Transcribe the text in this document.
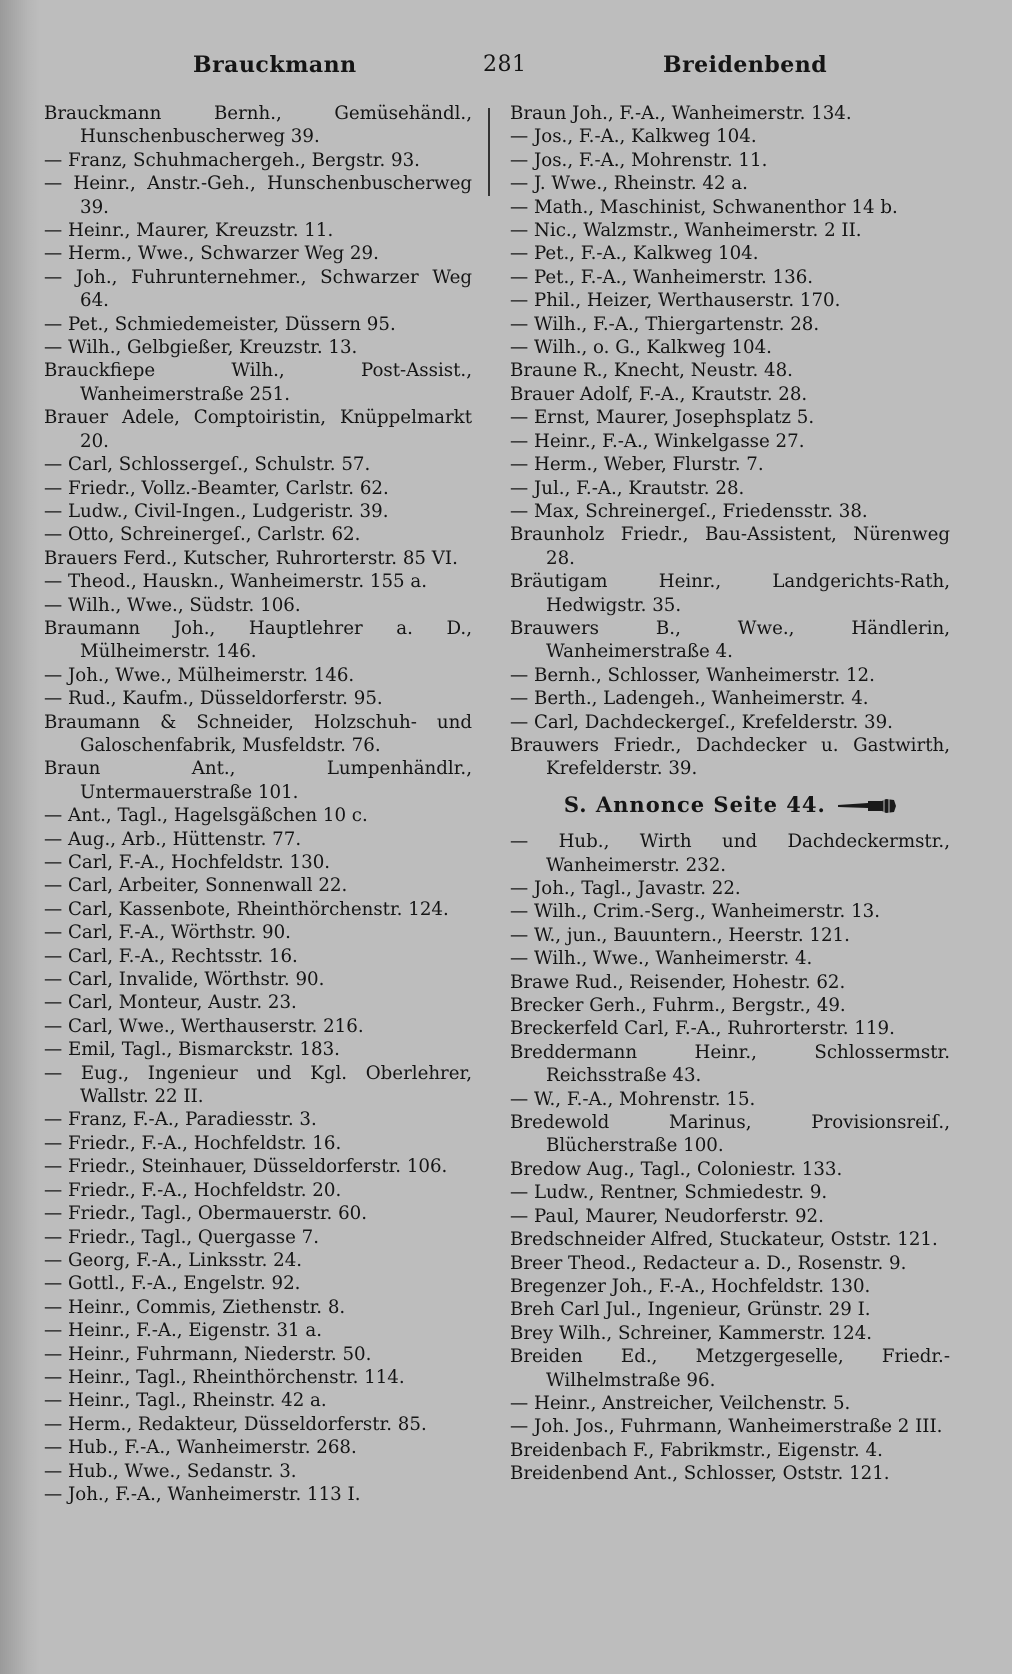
Brauckmann	281	Breidenbend

Brauckmann Bernh., Gemüsehändl., Hunschenbuscherweg 39.

— Franz, Schuhmachergeh., Bergstr. 93.

— Heinr., Anstr.-Geh., Hunschenbuscherweg 39.

— Heinr., Maurer, Kreuzstr. 11.

— Herm., Wwe., Schwarzer Weg 29.

— Joh., Fuhrunternehmer., Schwarzer Weg 64.

— Pet., Schmiedemeister, Düssern 95.

— Wilh., Gelbgießer, Kreuzstr. 13.

Brauckfiepe Wilh., Post-Assist., Wanheimerstraße 251.

Brauer Adele, Comptoiristin, Knüppelmarkt 20.

— Carl, Schlossergeſ., Schulstr. 57.

— Friedr., Vollz.-Beamter, Carlstr. 62.

— Ludw., Civil-Ingen., Ludgeristr. 39.

— Otto, Schreinergeſ., Carlstr. 62.

Brauers Ferd., Kutscher, Ruhrorterstr. 85 VI.

— Theod., Hauskn., Wanheimerstr. 155 a.

— Wilh., Wwe., Südstr. 106.

Braumann Joh., Hauptlehrer a. D., Mülheimerstr. 146.

— Joh., Wwe., Mülheimerstr. 146.

— Rud., Kaufm., Düsseldorferstr. 95.

Braumann & Schneider, Holzschuh- und Galoschenfabrik, Musfeldstr. 76.

Braun Ant., Lumpenhändlr., Untermauerstraße 101.

— Ant., Tagl., Hagelsgäßchen 10 c.

— Aug., Arb., Hüttenstr. 77.

— Carl, F.-A., Hochfeldstr. 130.

— Carl, Arbeiter, Sonnenwall 22.

— Carl, Kassenbote, Rheinthörchenstr. 124.

— Carl, F.-A., Wörthstr. 90.

— Carl, F.-A., Rechtsstr. 16.

— Carl, Invalide, Wörthstr. 90.

— Carl, Monteur, Austr. 23.

— Carl, Wwe., Werthauserstr. 216.

— Emil, Tagl., Bismarckstr. 183.

— Eug., Ingenieur und Kgl. Oberlehrer, Wallstr. 22 II.

— Franz, F.-A., Paradiesstr. 3.

— Friedr., F.-A., Hochfeldstr. 16.

— Friedr., Steinhauer, Düsseldorferstr. 106.

— Friedr., F.-A., Hochfeldstr. 20.

— Friedr., Tagl., Obermauerstr. 60.

— Friedr., Tagl., Quergasse 7.

— Georg, F.-A., Linksstr. 24.

— Gottl., F.-A., Engelstr. 92.

— Heinr., Commis, Ziethenstr. 8.

— Heinr., F.-A., Eigenstr. 31 a.

— Heinr., Fuhrmann, Niederstr. 50.

— Heinr., Tagl., Rheinthörchenstr. 114.

— Heinr., Tagl., Rheinstr. 42 a.

— Herm., Redakteur, Düsseldorferstr. 85.

— Hub., F.-A., Wanheimerstr. 268.

— Hub., Wwe., Sedanstr. 3.

— Joh., F.-A., Wanheimerstr. 113 I.

Braun Joh., F.-A., Wanheimerstr. 134.

— Jos., F.-A., Kalkweg 104.

— Jos., F.-A., Mohrenstr. 11.

— J. Wwe., Rheinstr. 42 a.

— Math., Maschinist, Schwanenthor 14 b.

— Nic., Walzmstr., Wanheimerstr. 2 II.

— Pet., F.-A., Kalkweg 104.

— Pet., F.-A., Wanheimerstr. 136.

— Phil., Heizer, Werthauserstr. 170.

— Wilh., F.-A., Thiergartenstr. 28.

— Wilh., o. G., Kalkweg 104.

Braune R., Knecht, Neustr. 48.

Brauer Adolf, F.-A., Krautstr. 28.

— Ernst, Maurer, Josephsplatz 5.

— Heinr., F.-A., Winkelgasse 27.

— Herm., Weber, Flurstr. 7.

— Jul., F.-A., Krautstr. 28.

— Max, Schreinergeſ., Friedensstr. 38.

Braunholz Friedr., Bau-Assistent, Nürenweg 28.

Bräutigam Heinr., Landgerichts-Rath, Hedwigstr. 35.

Brauwers B., Wwe., Händlerin, Wanheimerstraße 4.

— Bernh., Schlosser, Wanheimerstr. 12.

— Berth., Ladengeh., Wanheimerstr. 4.

— Carl, Dachdeckergeſ., Krefelderstr. 39.

Brauwers Friedr., Dachdecker u. Gastwirth, Krefelderstr. 39.

S. Annonce Seite 44.

— Hub., Wirth und Dachdeckermstr., Wanheimerstr. 232.

— Joh., Tagl., Javastr. 22.

— Wilh., Crim.-Serg., Wanheimerstr. 13.

— W., jun., Bauuntern., Heerstr. 121.

— Wilh., Wwe., Wanheimerstr. 4.

Brawe Rud., Reisender, Hohestr. 62.

Brecker Gerh., Fuhrm., Bergstr., 49.

Breckerfeld Carl, F.-A., Ruhrorterstr. 119.

Breddermann Heinr., Schlossermstr. Reichsstraße 43.

— W., F.-A., Mohrenstr. 15.

Bredewold Marinus, Provisionsreiſ., Blücherstraße 100.

Bredow Aug., Tagl., Coloniestr. 133.

— Ludw., Rentner, Schmiedestr. 9.

— Paul, Maurer, Neudorferstr. 92.

Bredschneider Alfred, Stuckateur, Oststr. 121.

Breer Theod., Redacteur a. D., Rosenstr. 9.

Bregenzer Joh., F.-A., Hochfeldstr. 130.

Breh Carl Jul., Ingenieur, Grünstr. 29 I.

Brey Wilh., Schreiner, Kammerstr. 124.

Breiden Ed., Metzgergeselle, Friedr.-Wilhelmstraße 96.

— Heinr., Anstreicher, Veilchenstr. 5.

— Joh. Jos., Fuhrmann, Wanheimerstraße 2 III.

Breidenbach F., Fabrikmstr., Eigenstr. 4.

Breidenbend Ant., Schlosser, Oststr. 121.
